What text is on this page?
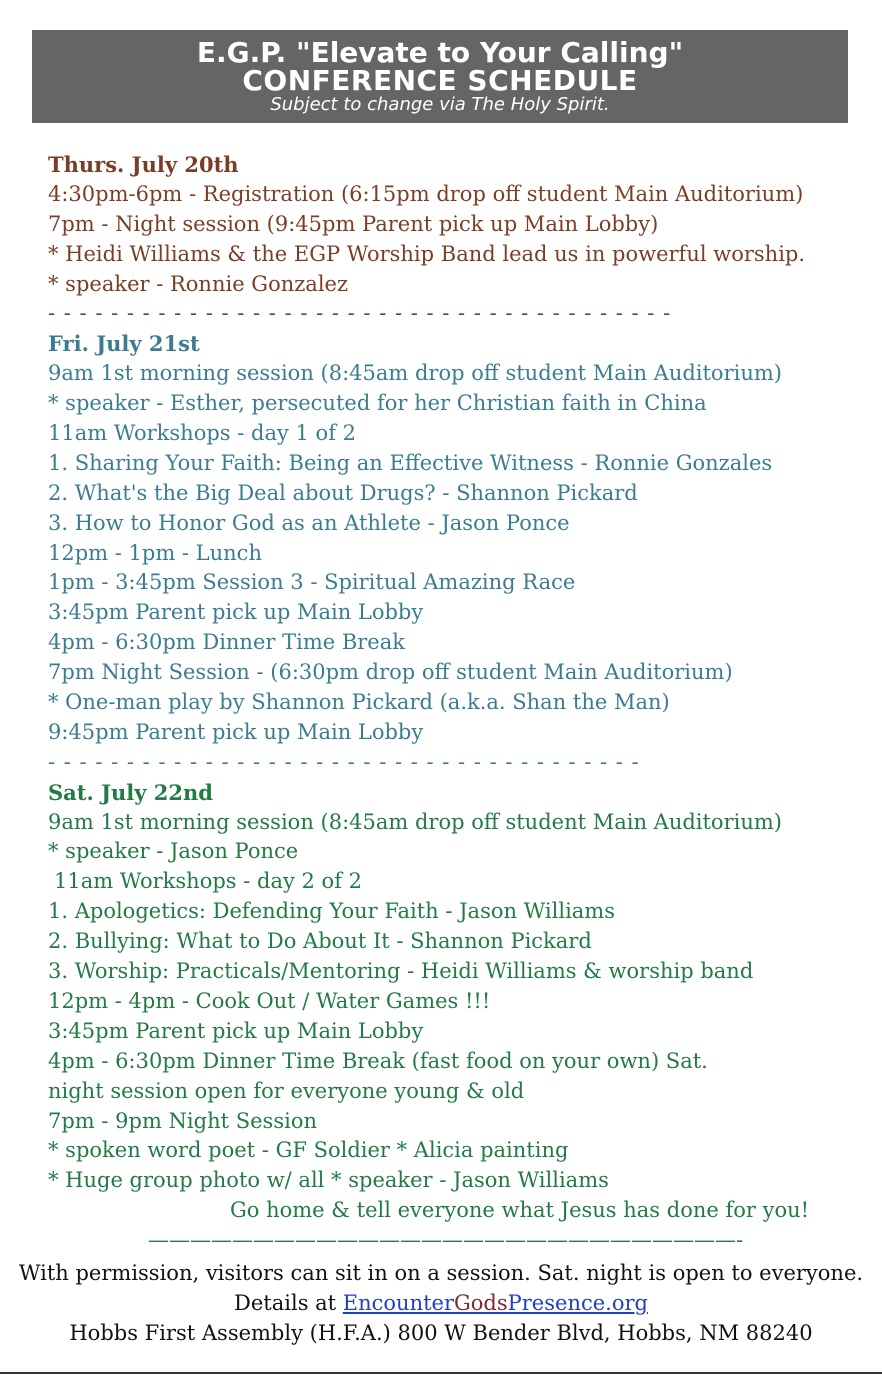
E.G.P. "Elevate to Your Calling"
CONFERENCE SCHEDULE
Subject to change via The Holy Spirit.
Thurs. July 20th
4:30pm-6pm - Registration (6:15pm drop off student Main Auditorium)
7pm - Night session (9:45pm Parent pick up Main Lobby)
* Heidi Williams & the EGP Worship Band lead us in powerful worship.
* speaker - Ronnie Gonzalez
- - - - - - - - - - - - - - - - - - - - - - - - - - - - - - - - - - - - - - - -
Fri. July 21st
9am 1st morning session (8:45am drop off student Main Auditorium)
* speaker - Esther, persecuted for her Christian faith in China
11am Workshops - day 1 of 2
1. Sharing Your Faith: Being an Effective Witness - Ronnie Gonzales
2. What's the Big Deal about Drugs? - Shannon Pickard
3. How to Honor God as an Athlete - Jason Ponce
12pm - 1pm - Lunch
1pm - 3:45pm Session 3 - Spiritual Amazing Race
3:45pm Parent pick up Main Lobby
4pm - 6:30pm Dinner Time Break
7pm Night Session - (6:30pm drop off student Main Auditorium)
* One-man play by Shannon Pickard (a.k.a. Shan the Man)
9:45pm Parent pick up Main Lobby
- - - - - - - - - - - - - - - - - - - - - - - - - - - - - - - - - - - - - -
Sat. July 22nd
9am 1st morning session (8:45am drop off student Main Auditorium)
* speaker - Jason Ponce
11am Workshops - day 2 of 2
1. Apologetics: Defending Your Faith - Jason Williams
2. Bullying: What to Do About It - Shannon Pickard
3. Worship: Practicals/Mentoring - Heidi Williams & worship band
12pm - 4pm - Cook Out / Water Games !!!
3:45pm Parent pick up Main Lobby
4pm - 6:30pm Dinner Time Break (fast food on your own) Sat.
night session open for everyone young & old
7pm - 9pm Night Session
* spoken word poet - GF Soldier * Alicia painting
* Huge group photo w/ all * speaker - Jason Williams
Go home & tell everyone what Jesus has done for you!
————————————————————————————-
With permission, visitors can sit in on a session. Sat. night is open to everyone.
Details at EncounterGodsPresence.org
Hobbs First Assembly (H.F.A.) 800 W Bender Blvd, Hobbs, NM 88240
